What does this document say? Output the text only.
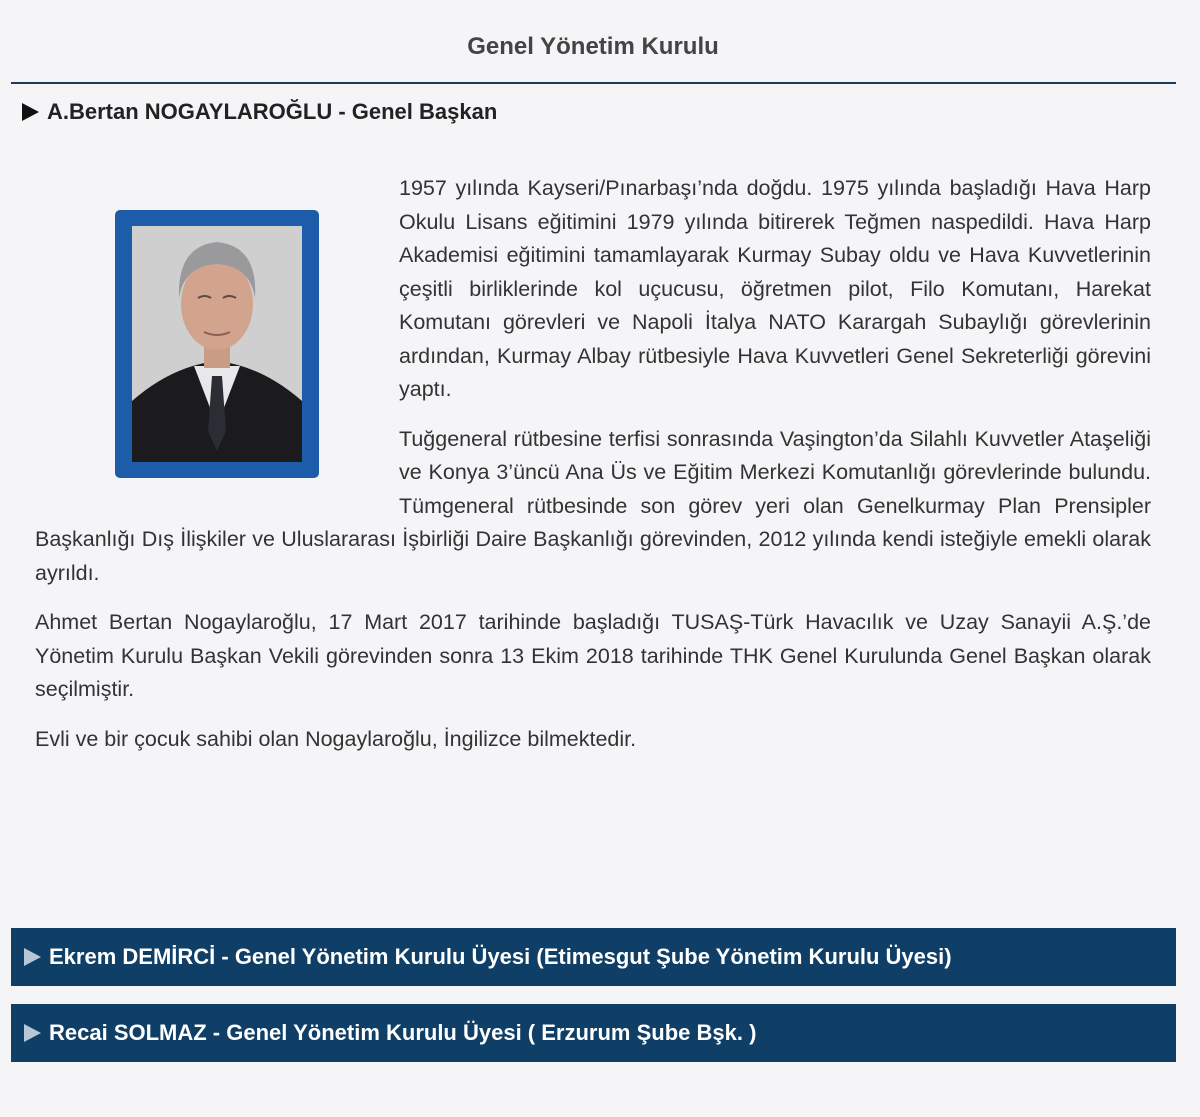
Genel Yönetim Kurulu
A.Bertan NOGAYLAROĞLU - Genel Başkan

1957 yılında Kayseri/Pınarbaşı’nda doğdu. 1975 yılında başladığı Hava Harp Okulu Lisans eğitimini 1979 yılında bitirerek Teğmen naspedildi. Hava Harp Akademisi eğitimini tamamlayarak Kurmay Subay oldu ve Hava Kuvvetlerinin çeşitli birliklerinde kol uçucusu, öğretmen pilot, Filo Komutanı, Harekat Komutanı görevleri ve Napoli İtalya NATO Karargah Subaylığı görevlerinin ardından, Kurmay Albay rütbesiyle Hava Kuvvetleri Genel Sekreterliği görevini yaptı.

Tuğgeneral rütbesine terfisi sonrasında Vaşington’da Silahlı Kuvvetler Ataşeliği ve Konya 3’üncü Ana Üs ve Eğitim Merkezi Komutanlığı görevlerinde bulundu. Tümgeneral rütbesinde son görev yeri olan Genelkurmay Plan Prensipler Başkanlığı Dış İlişkiler ve Uluslararası İşbirliği Daire Başkanlığı görevinden, 2012 yılında kendi isteğiyle emekli olarak ayrıldı.

Ahmet Bertan Nogaylaroğlu, 17 Mart 2017 tarihinde başladığı TUSAŞ-Türk Havacılık ve Uzay Sanayii A.Ş.’de Yönetim Kurulu Başkan Vekili görevinden sonra 13 Ekim 2018 tarihinde THK Genel Kurulunda Genel Başkan olarak seçilmiştir.

Evli ve bir çocuk sahibi olan Nogaylaroğlu, İngilizce bilmektedir.

Ekrem DEMİRCİ - Genel Yönetim Kurulu Üyesi (Etimesgut Şube Yönetim Kurulu Üyesi)
Recai SOLMAZ - Genel Yönetim Kurulu Üyesi ( Erzurum Şube Bşk. )
